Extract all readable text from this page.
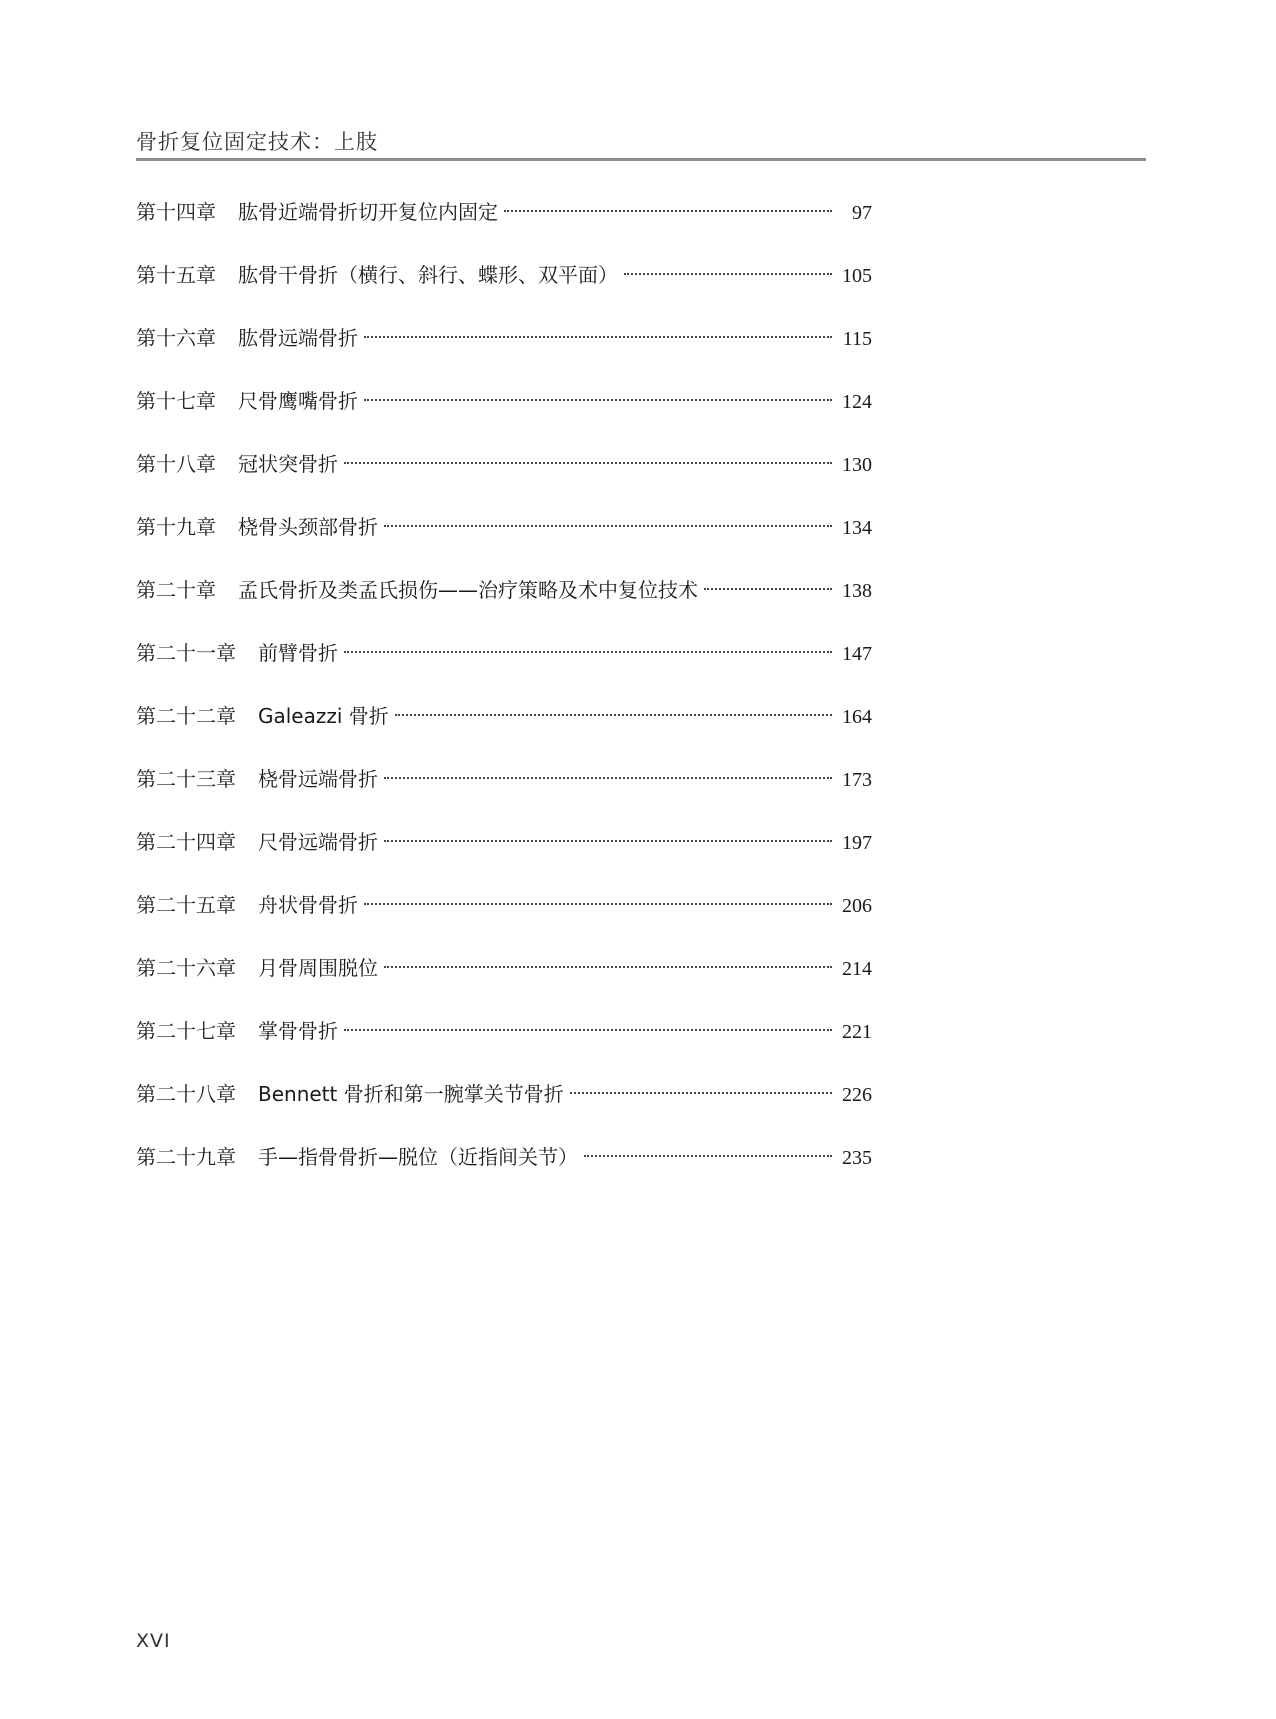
骨折复位固定技术：上肢
第十四章	肱骨近端骨折切开复位内固定	97
第十五章	肱骨干骨折（横行、斜行、蝶形、双平面）	105
第十六章	肱骨远端骨折	115
第十七章	尺骨鹰嘴骨折	124
第十八章	冠状突骨折	130
第十九章	桡骨头颈部骨折	134
第二十章	孟氏骨折及类孟氏损伤——治疗策略及术中复位技术	138
第二十一章	前臂骨折	147
第二十二章	Galeazzi 骨折	164
第二十三章	桡骨远端骨折	173
第二十四章	尺骨远端骨折	197
第二十五章	舟状骨骨折	206
第二十六章	月骨周围脱位	214
第二十七章	掌骨骨折	221
第二十八章	Bennett 骨折和第一腕掌关节骨折	226
第二十九章	手—指骨骨折—脱位（近指间关节）	235
XVI
